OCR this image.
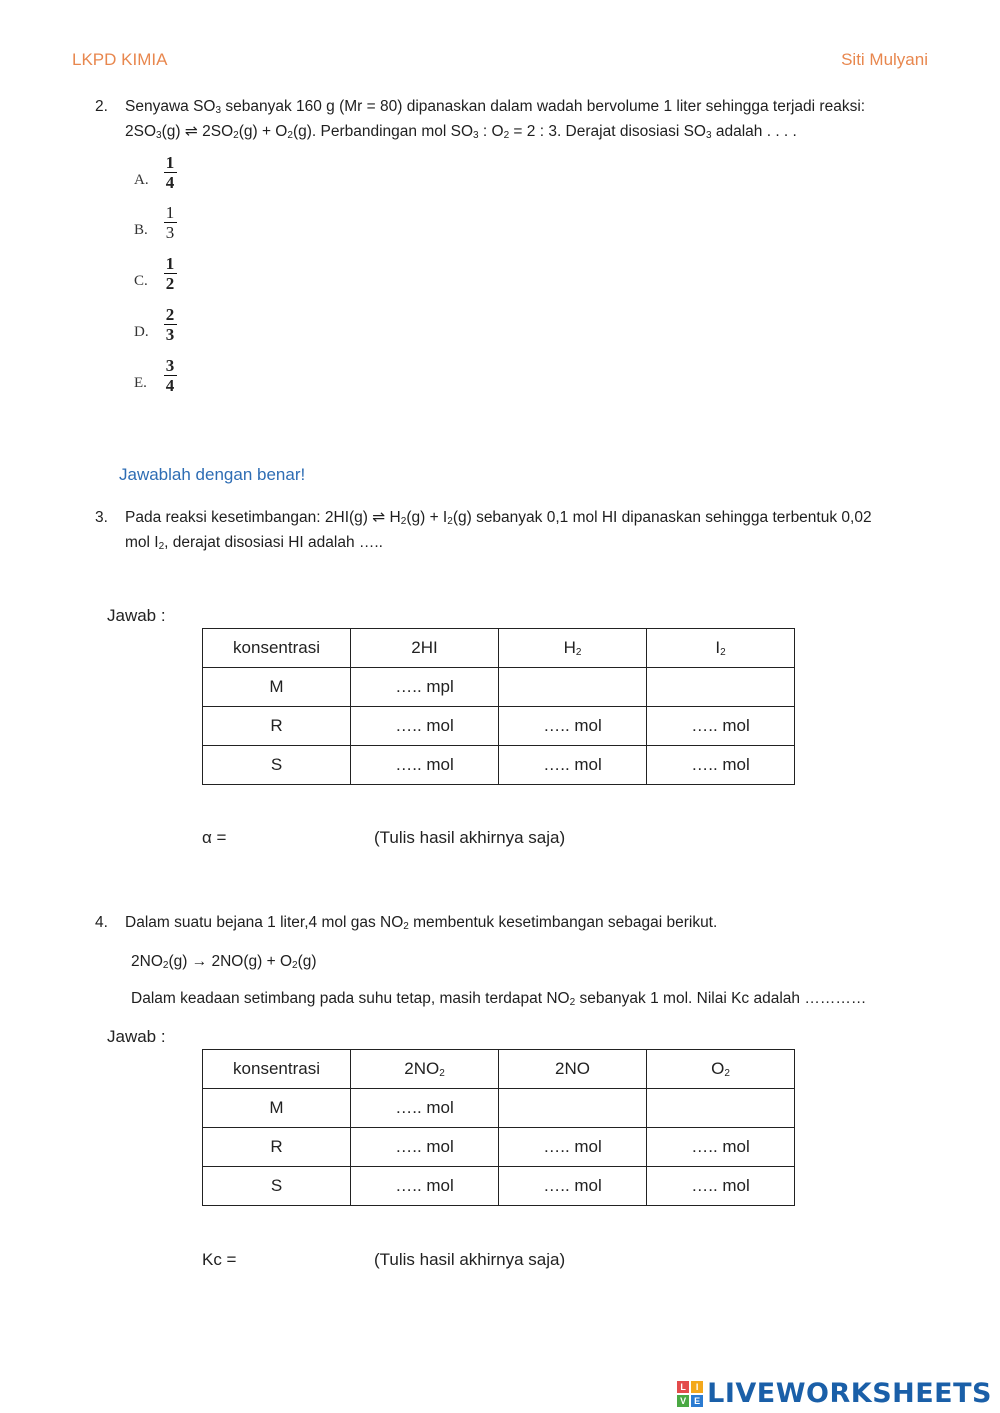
LKPD KIMIA	Siti Mulyani
2. Senyawa $SO_3$ sebanyak 160 g (Mr = 80) dipanaskan dalam wadah bervolume 1 liter sehingga terjadi reaksi:
$2SO_3(g)$ ⇌ $2SO_2(g) + O_2(g)$. Perbandingan mol $SO_3$ : $O_2 = 2$ : 3. Derajat disosiasi $SO_3$ adalah . . . .
A.
1
4
B.
1
3
C.
1
2
D.
2
3
E.
3
4
Jawablah dengan benar!
3. Pada reaksi kesetimbangan: 2HI(g) ⇌ $H_2(g) + I_2(g)$ sebanyak 0,1 mol HI dipanaskan sehingga terbentuk 0,02
mol $I_2$, derajat disosiasi HI adalah …..
Jawab :
konsentrasi	2HI	$H_2$	$I_2$
M	….. mpl		
R	….. mol	….. mol	….. mol
S	….. mol	….. mol	….. mol
α =	(Tulis hasil akhirnya saja)
4. Dalam suatu bejana 1 liter,4 mol gas $NO_2$ membentuk kesetimbangan sebagai berikut.
$2NO_2(g) \to 2NO(g) + O_2(g)$
Dalam keadaan setimbang pada suhu tetap, masih terdapat $NO_2$ sebanyak 1 mol. Nilai Kc adalah …………
Jawab :
konsentrasi	$2NO_2$	2NO	$O_2$
M	….. mol		
R	….. mol	….. mol	….. mol
S	….. mol	….. mol	….. mol
Kc =	(Tulis hasil akhirnya saja)
L	I
V E LIVEWORKSHEETS
